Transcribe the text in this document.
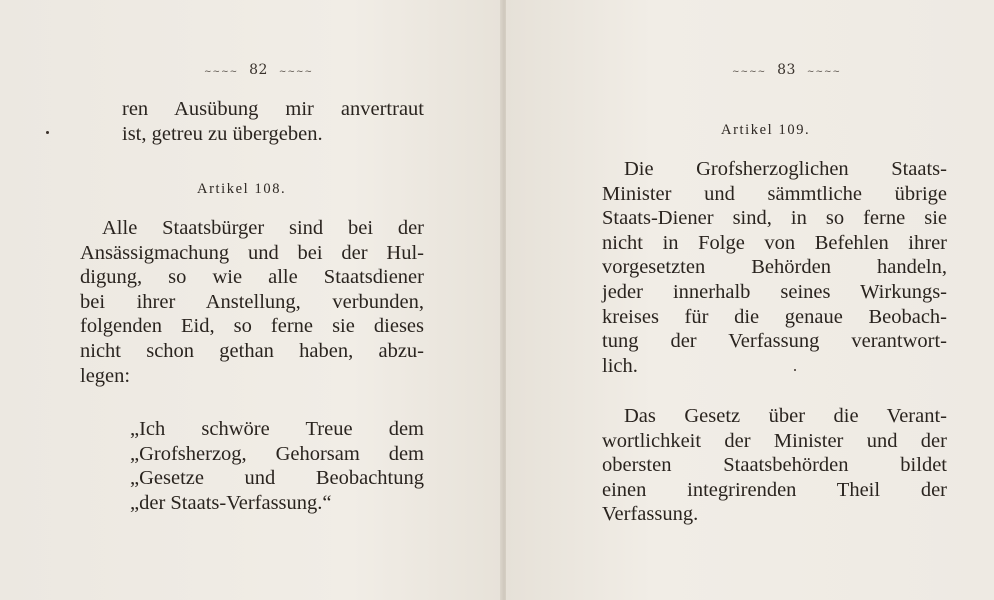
~~~~ 82 ~~~~
ren Ausübung mir anvertraut
ist, getreu zu übergeben.
Artikel 108.
Alle Staatsbürger sind bei der
Ansässigmachung und bei der Hul-
digung, so wie alle Staatsdiener
bei ihrer Anstellung, verbunden,
folgenden Eid, so ferne sie dieses
nicht schon gethan haben, abzu-
legen:
„Ich schwöre Treue dem
„Grofsherzog, Gehorsam dem
„Gesetze und Beobachtung
„der Staats-Verfassung.“
~~~~ 83 ~~~~
Artikel 109.
Die Grofsherzoglichen Staats-
Minister und sämmtliche übrige
Staats-Diener sind, in so ferne sie
nicht in Folge von Befehlen ihrer
vorgesetzten Behörden handeln,
jeder innerhalb seines Wirkungs-
kreises für die genaue Beobach-
tung der Verfassung verantwort-
lich.
Das Gesetz über die Verant-
wortlichkeit der Minister und der
obersten Staatsbehörden bildet
einen integrirenden Theil der
Verfassung.
